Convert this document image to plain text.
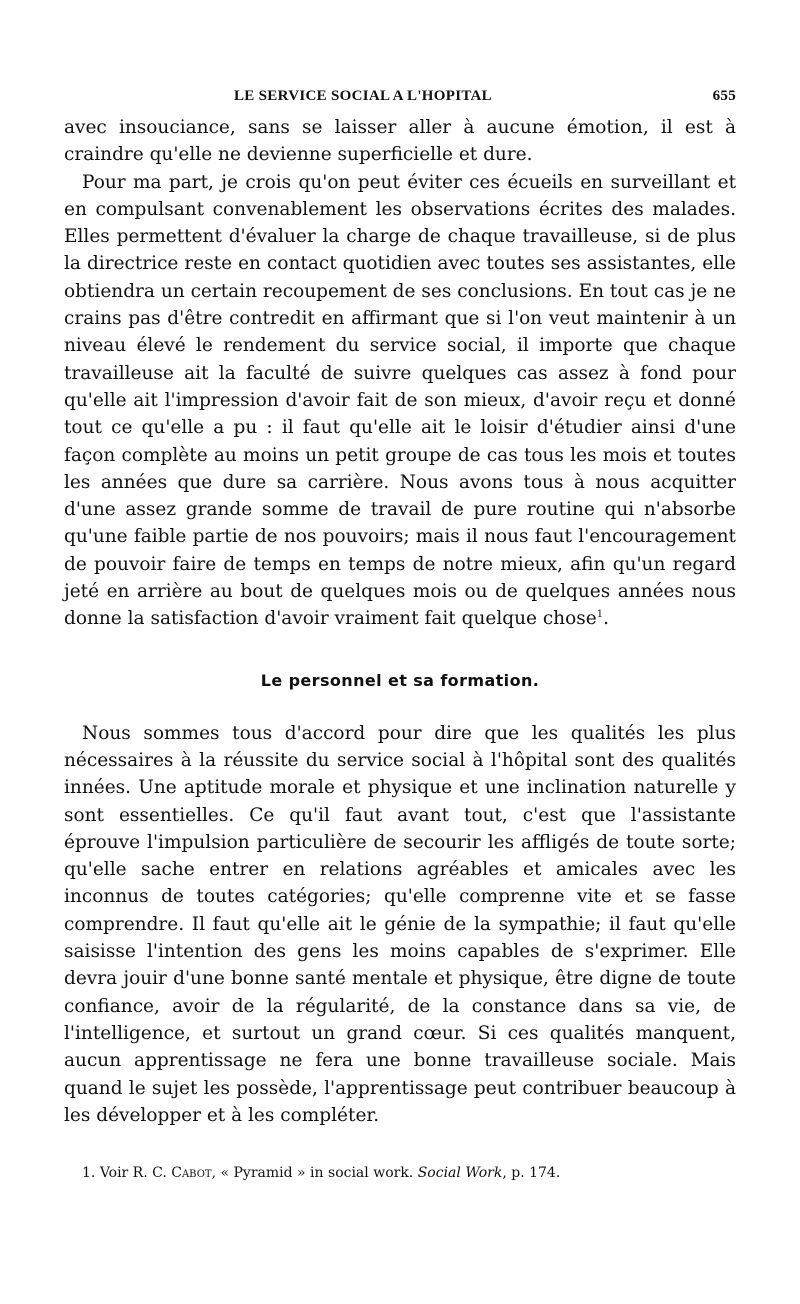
LE SERVICE SOCIAL A L'HOPITAL	655

avec insouciance, sans se laisser aller à aucune émotion, il est à craindre qu'elle ne devienne superficielle et dure.

Pour ma part, je crois qu'on peut éviter ces écueils en surveillant et en compulsant convenablement les observations écrites des malades. Elles permettent d'évaluer la charge de chaque travailleuse, si de plus la directrice reste en contact quotidien avec toutes ses assistantes, elle obtiendra un certain recoupement de ses conclusions. En tout cas je ne crains pas d'être contredit en affirmant que si l'on veut maintenir à un niveau élevé le rendement du service social, il importe que chaque travailleuse ait la faculté de suivre quelques cas assez à fond pour qu'elle ait l'impression d'avoir fait de son mieux, d'avoir reçu et donné tout ce qu'elle a pu : il faut qu'elle ait le loisir d'étudier ainsi d'une façon complète au moins un petit groupe de cas tous les mois et toutes les années que dure sa carrière. Nous avons tous à nous acquitter d'une assez grande somme de travail de pure routine qui n'absorbe qu'une faible partie de nos pouvoirs; mais il nous faut l'encouragement de pouvoir faire de temps en temps de notre mieux, afin qu'un regard jeté en arrière au bout de quelques mois ou de quelques années nous donne la satisfaction d'avoir vraiment fait quelque chose$^1$.

Le personnel et sa formation.

Nous sommes tous d'accord pour dire que les qualités les plus nécessaires à la réussite du service social à l'hôpital sont des qualités innées. Une aptitude morale et physique et une inclination naturelle y sont essentielles. Ce qu'il faut avant tout, c'est que l'assistante éprouve l'impulsion particulière de secourir les affligés de toute sorte; qu'elle sache entrer en relations agréables et amicales avec les inconnus de toutes catégories; qu'elle comprenne vite et se fasse comprendre. Il faut qu'elle ait le génie de la sympathie; il faut qu'elle saisisse l'intention des gens les moins capables de s'exprimer. Elle devra jouir d'une bonne santé mentale et physique, être digne de toute confiance, avoir de la régularité, de la constance dans sa vie, de l'intelligence, et surtout un grand cœur. Si ces qualités manquent, aucun apprentissage ne fera une bonne travailleuse sociale. Mais quand le sujet les possède, l'apprentissage peut contribuer beaucoup à les développer et à les compléter.

1. Voir R. C. Cabot, « Pyramid » in social work. Social Work, p. 174.
